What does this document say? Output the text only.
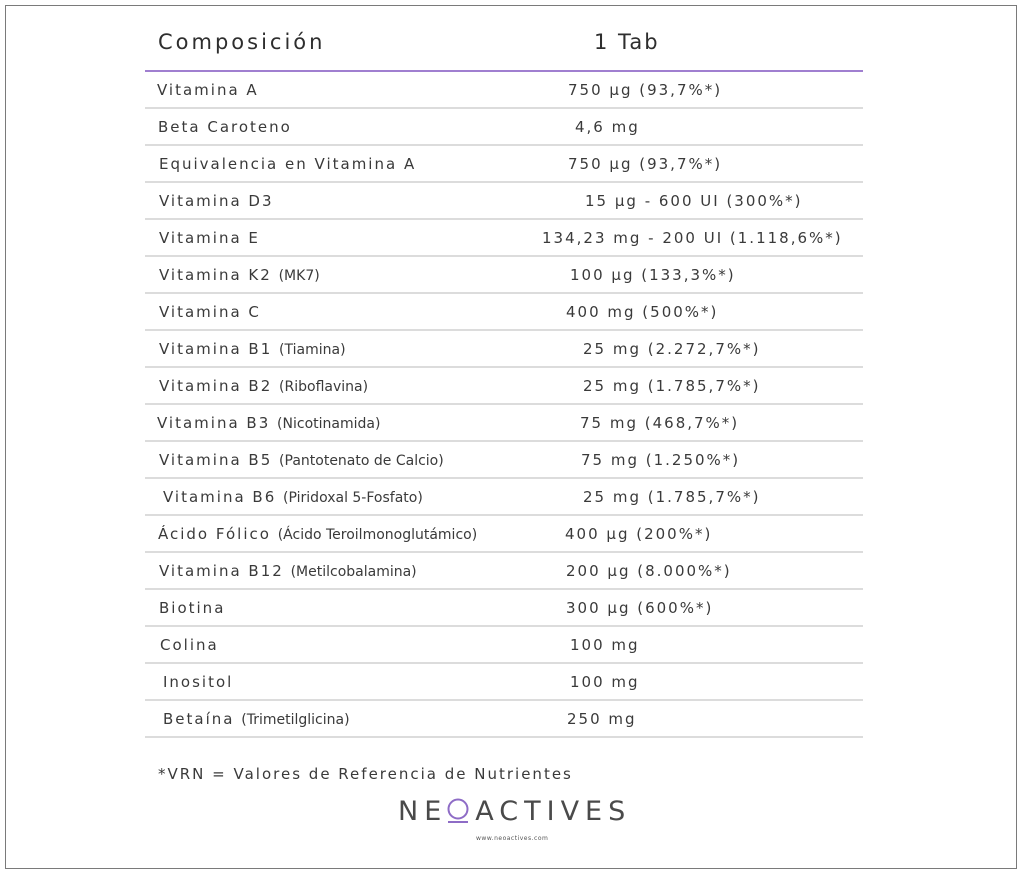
Composición	1 Tab
Vitamina A	750 µg (93,7%*)
Beta Caroteno	4,6 mg
Equivalencia en Vitamina A	750 µg (93,7%*)
Vitamina D3	15 µg - 600 UI (300%*)
Vitamina E	134,23 mg - 200 UI (1.118,6%*)
Vitamina K2 (MK7)	100 µg (133,3%*)
Vitamina C	400 mg (500%*)
Vitamina B1 (Tiamina)	25 mg (2.272,7%*)
Vitamina B2 (Riboflavina)	25 mg (1.785,7%*)
Vitamina B3 (Nicotinamida)	75 mg (468,7%*)
Vitamina B5 (Pantotenato de Calcio)	75 mg (1.250%*)
Vitamina B6 (Piridoxal 5-Fosfato)	25 mg (1.785,7%*)
Ácido Fólico (Ácido Teroilmonoglutámico)	400 µg (200%*)
Vitamina B12 (Metilcobalamina)	200 µg (8.000%*)
Biotina	300 µg (600%*)
Colina	100 mg
Inositol	100 mg
Betaína (Trimetilglicina)	250 mg
*VRN = Valores de Referencia de Nutrientes
NE ACTIVES
www.neoactives.com
